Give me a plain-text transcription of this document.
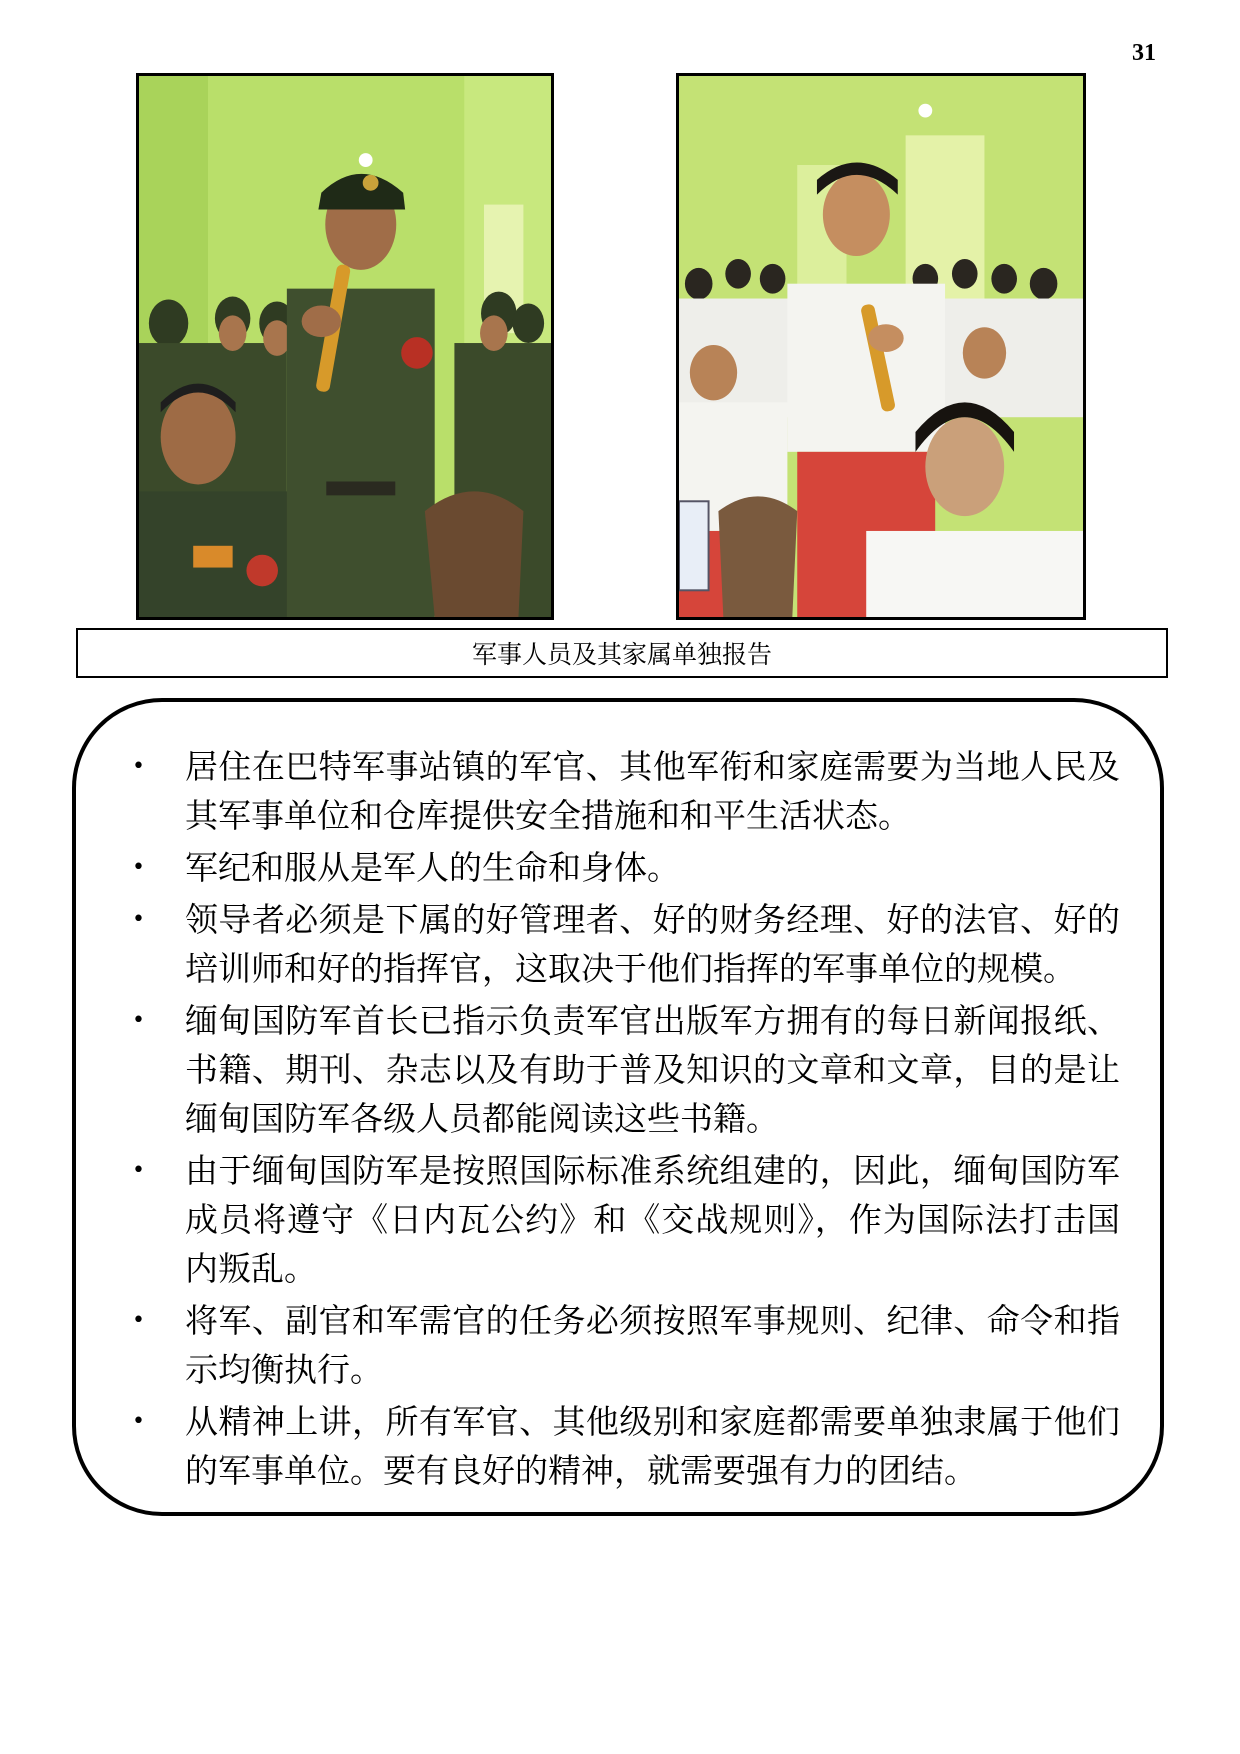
31
军事人员及其家属单独报告
• 居住在巴特军事站镇的军官、其他军衔和家庭需要为当地人民及其军事单位和仓库提供安全措施和和平生活状态。
• 军纪和服从是军人的生命和身体。
• 领导者必须是下属的好管理者、好的财务经理、好的法官、好的培训师和好的指挥官，这取决于他们指挥的军事单位的规模。
• 缅甸国防军首长已指示负责军官出版军方拥有的每日新闻报纸、书籍、期刊、杂志以及有助于普及知识的文章和文章，目的是让缅甸国防军各级人员都能阅读这些书籍。
• 由于缅甸国防军是按照国际标准系统组建的，因此，缅甸国防军成员将遵守《日内瓦公约》和《交战规则》，作为国际法打击国内叛乱。
• 将军、副官和军需官的任务必须按照军事规则、纪律、命令和指示均衡执行。
• 从精神上讲，所有军官、其他级别和家庭都需要单独隶属于他们的军事单位。要有良好的精神，就需要强有力的团结。
